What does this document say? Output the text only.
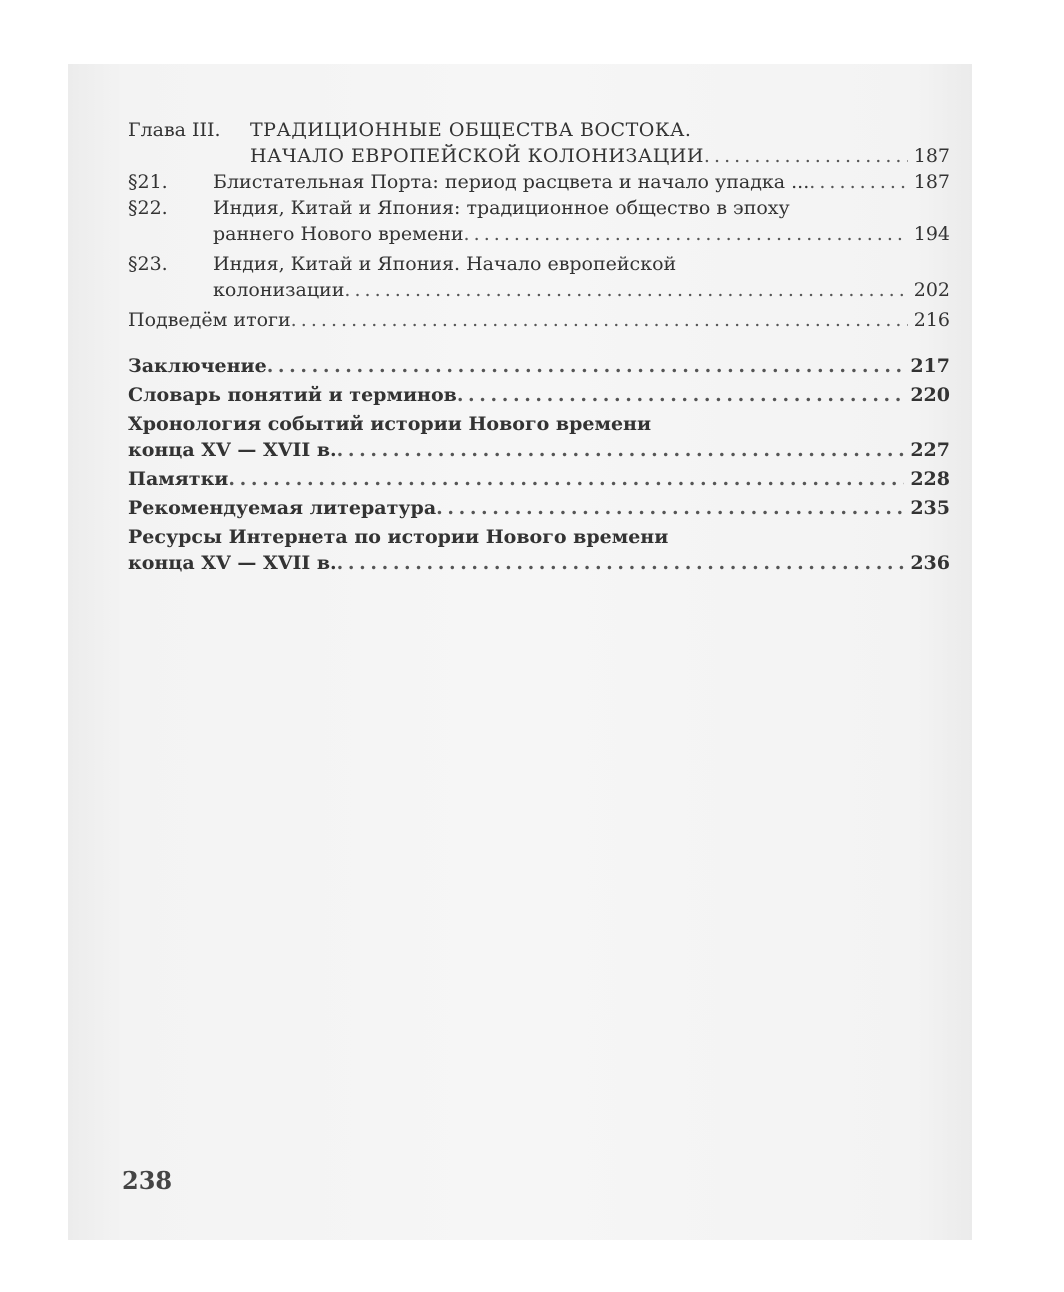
Глава III.	ТРАДИЦИОННЫЕ ОБЩЕСТВА ВОСТОКА.
НАЧАЛО ЕВРОПЕЙСКОЙ КОЛОНИЗАЦИИ . . .	187
§21.	Блистательная Порта: период расцвета и начало упадка ... . . .	187
§22.	Индия, Китай и Япония: традиционное общество в эпоху
раннего Нового времени . . .	194
§23.	Индия, Китай и Япония. Начало европейской
колонизации . . .	202
Подведём итоги . . .	216
Заключение . . .	217
Словарь понятий и терминов . . .	220
Хронология событий истории Нового времени
конца XV — XVII в. . . .	227
Памятки . . .	228
Рекомендуемая литература . . .	235
Ресурсы Интернета по истории Нового времени
конца XV — XVII в. . . .	236
238
